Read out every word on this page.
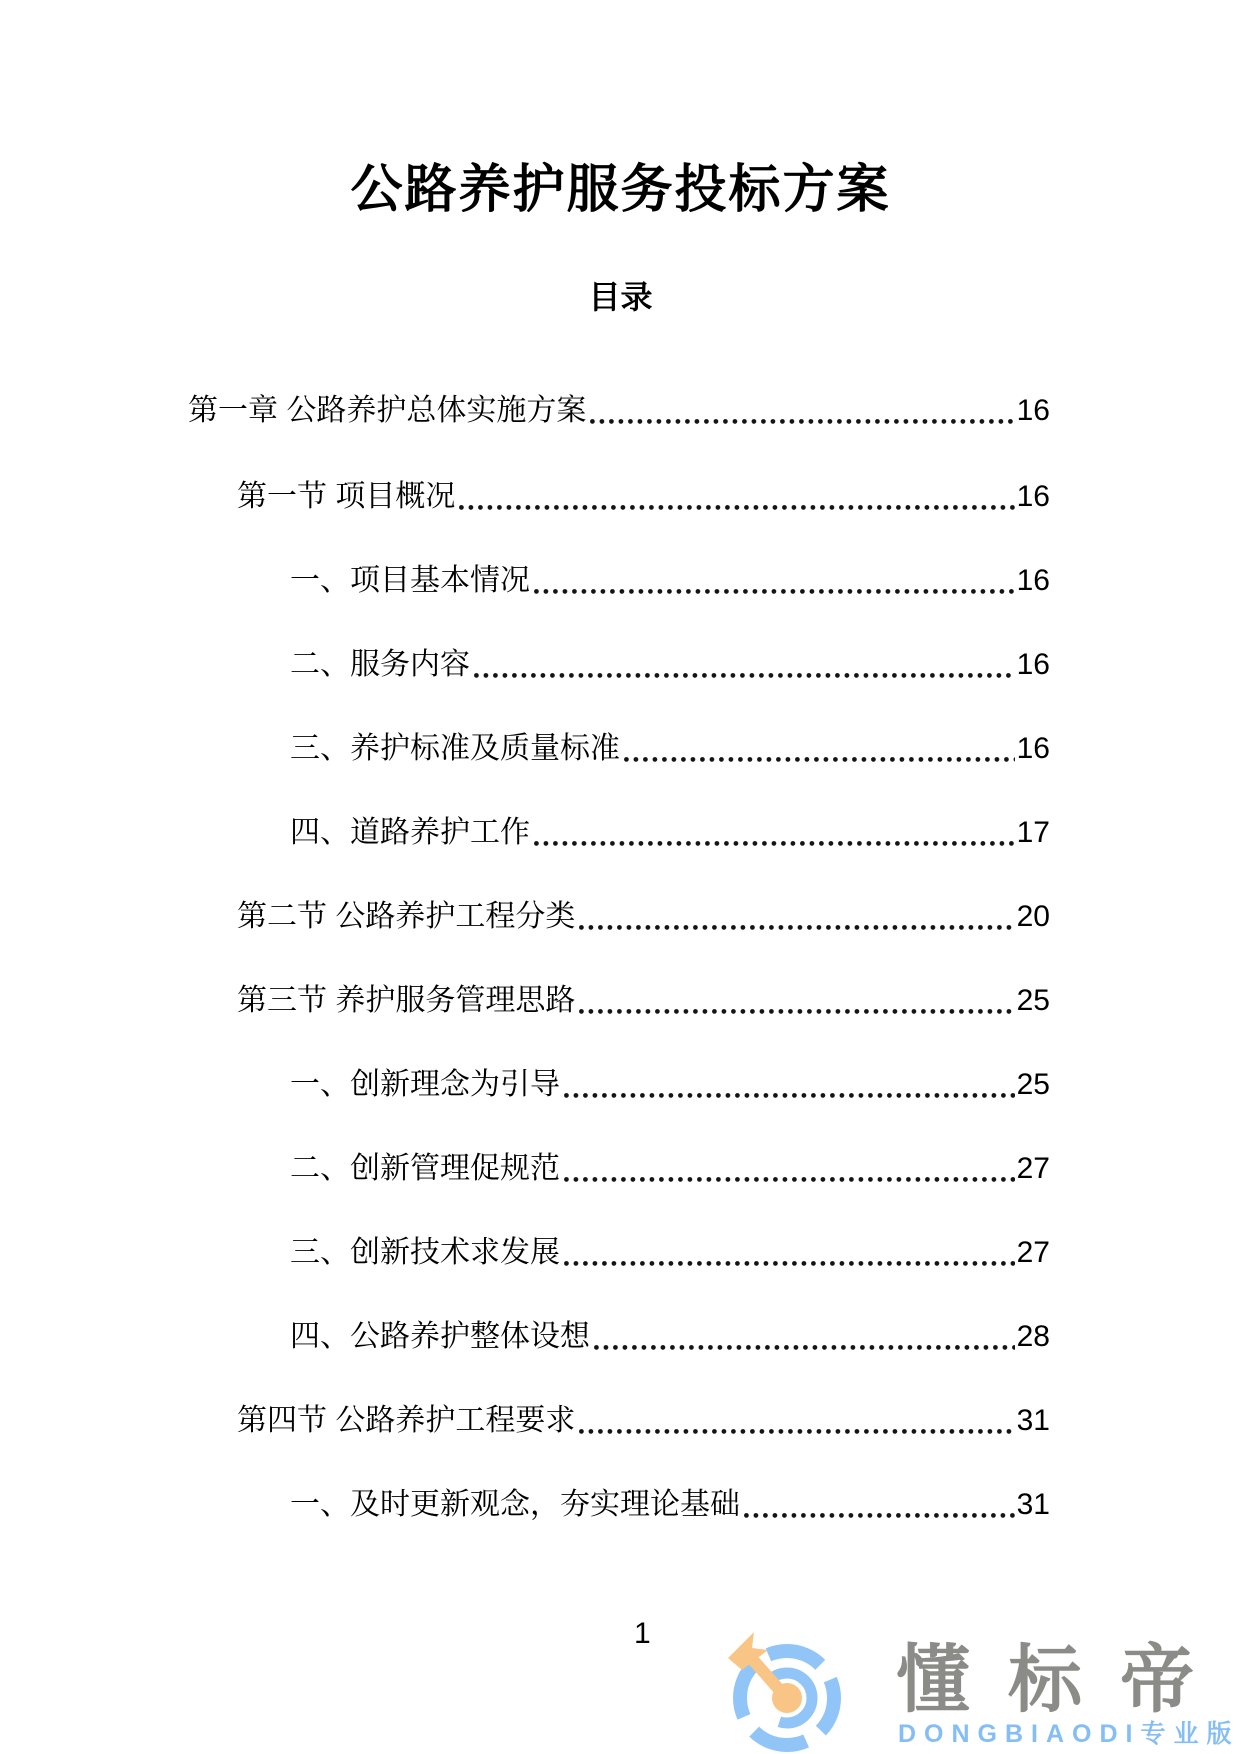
公路养护服务投标方案
目录
第一章 公路养护总体实施方案	16
第一节 项目概况	16
一、项目基本情况	16
二、服务内容	16
三、养护标准及质量标准	16
四、道路养护工作	17
第二节 公路养护工程分类	20
第三节 养护服务管理思路	25
一、创新理念为引导	25
二、创新管理促规范	27
三、创新技术求发展	27
四、公路养护整体设想	28
第四节 公路养护工程要求	31
一、及时更新观念，夯实理论基础	31
1
懂标帝
DONGBIAODI专业版
